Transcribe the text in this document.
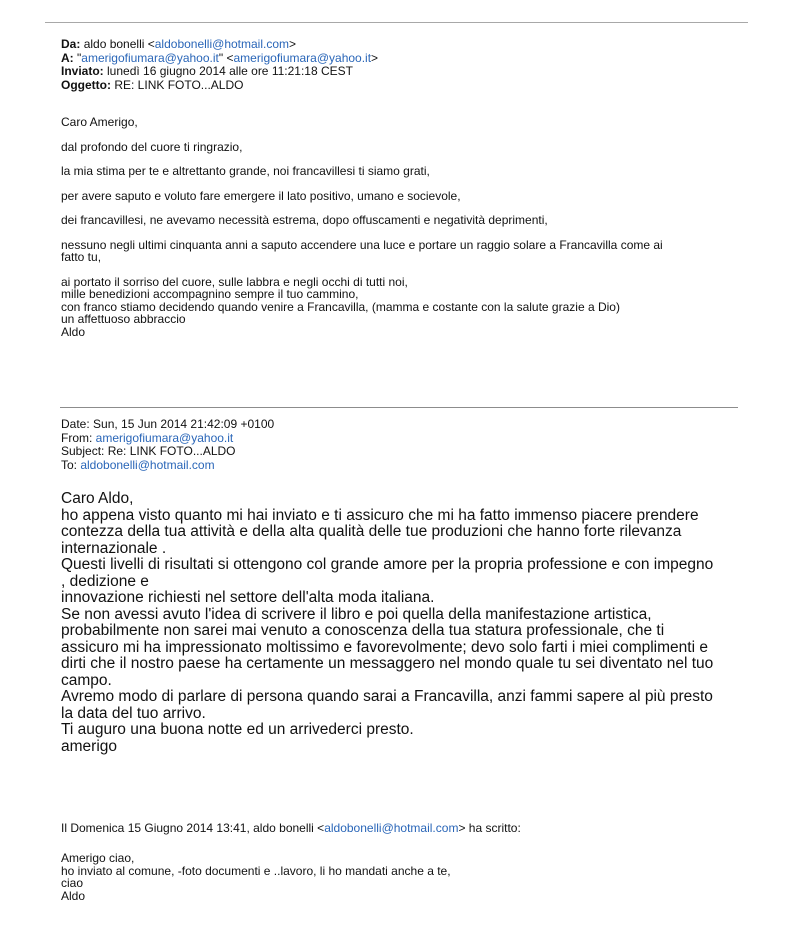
Da: aldo bonelli <aldobonelli@hotmail.com>
A: "amerigofiumara@yahoo.it" <amerigofiumara@yahoo.it>
Inviato: lunedì 16 giugno 2014 alle ore 11:21:18 CEST
Oggetto: RE: LINK FOTO...ALDO
Caro Amerigo,
dal profondo del cuore ti ringrazio,
la mia stima per te e altrettanto grande, noi francavillesi ti siamo grati,
per avere saputo e voluto fare emergere il lato positivo, umano e socievole,
dei francavillesi, ne avevamo necessità estrema, dopo offuscamenti e negatività deprimenti,
nessuno negli ultimi cinquanta anni a saputo accendere una luce e portare un raggio solare a Francavilla come ai
fatto tu,
ai portato il sorriso del cuore, sulle labbra e negli occhi di tutti noi,
mille benedizioni accompagnino sempre il tuo cammino,
con franco stiamo decidendo quando venire a Francavilla, (mamma e costante con la salute grazie a Dio)
un affettuoso abbraccio
Aldo
Date: Sun, 15 Jun 2014 21:42:09 +0100
From: amerigofiumara@yahoo.it
Subject: Re: LINK FOTO...ALDO
To: aldobonelli@hotmail.com
Caro Aldo,
ho appena visto quanto mi hai inviato e ti assicuro che mi ha fatto immenso piacere prendere
contezza della tua attività e della alta qualità delle tue produzioni che hanno forte rilevanza
internazionale .
Questi livelli di risultati si ottengono col grande amore per la propria professione e con impegno
, dedizione e
innovazione richiesti nel settore dell'alta moda italiana.
Se non avessi avuto l'idea di scrivere il libro e poi quella della manifestazione artistica,
probabilmente non sarei mai venuto a conoscenza della tua statura professionale, che ti
assicuro mi ha impressionato moltissimo e favorevolmente; devo solo farti i miei complimenti e
dirti che il nostro paese ha certamente un messaggero nel mondo quale tu sei diventato nel tuo
campo.
Avremo modo di parlare di persona quando sarai a Francavilla, anzi fammi sapere al più presto
la data del tuo arrivo.
Ti auguro una buona notte ed un arrivederci presto.
amerigo
Il Domenica 15 Giugno 2014 13:41, aldo bonelli <aldobonelli@hotmail.com> ha scritto:
Amerigo ciao,
ho inviato al comune, -foto documenti e ..lavoro, li ho mandati anche a te,
ciao
Aldo
